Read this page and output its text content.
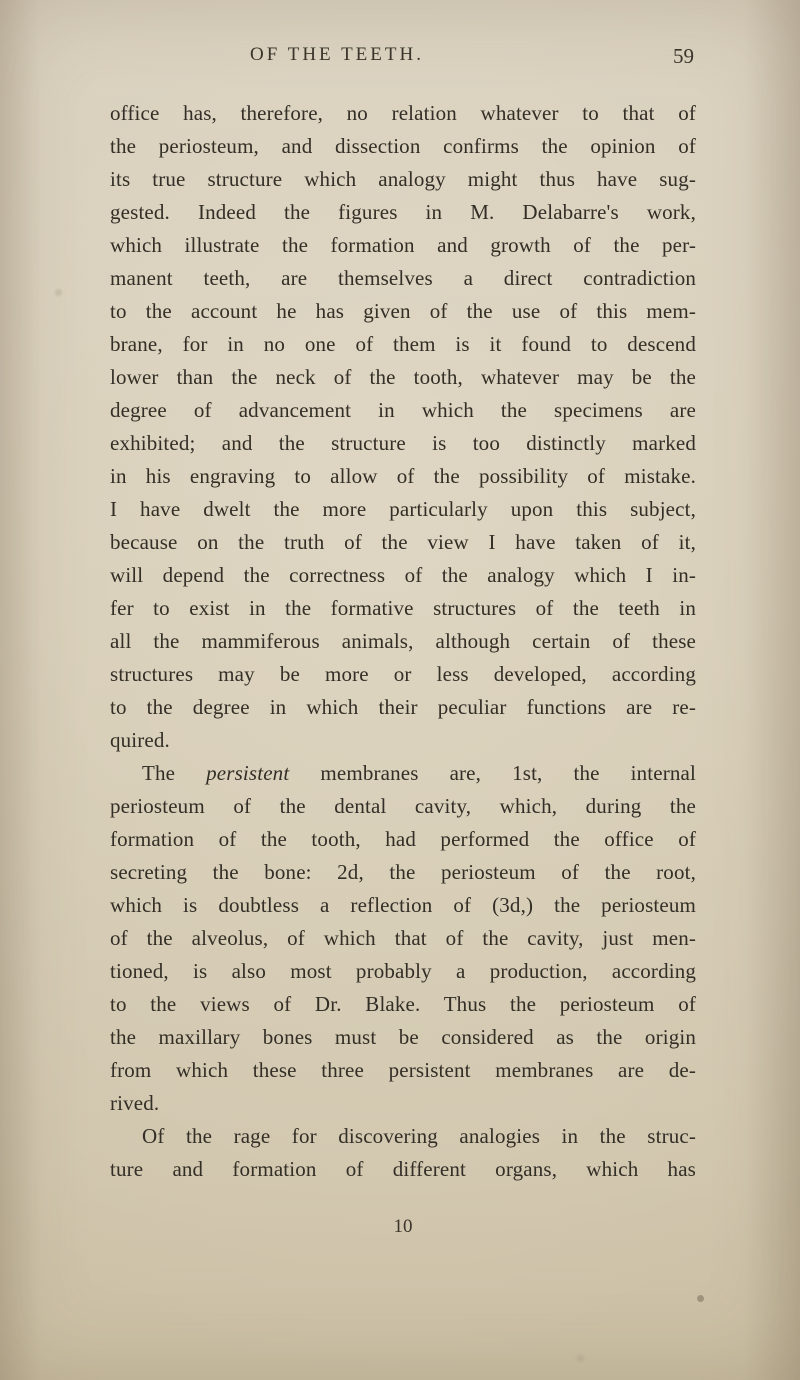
OF THE TEETH.	59
office has, therefore, no relation whatever to that of
the periosteum, and dissection confirms the opinion of
its true structure which analogy might thus have sug-
gested. Indeed the figures in M. Delabarre's work,
which illustrate the formation and growth of the per-
manent teeth, are themselves a direct contradiction
to the account he has given of the use of this mem-
brane, for in no one of them is it found to descend
lower than the neck of the tooth, whatever may be the
degree of advancement in which the specimens are
exhibited; and the structure is too distinctly marked
in his engraving to allow of the possibility of mistake.
I have dwelt the more particularly upon this subject,
because on the truth of the view I have taken of it,
will depend the correctness of the analogy which I in-
fer to exist in the formative structures of the teeth in
all the mammiferous animals, although certain of these
structures may be more or less developed, according
to the degree in which their peculiar functions are re-
quired.
The persistent membranes are, 1st, the internal
periosteum of the dental cavity, which, during the
formation of the tooth, had performed the office of
secreting the bone: 2d, the periosteum of the root,
which is doubtless a reflection of (3d,) the periosteum
of the alveolus, of which that of the cavity, just men-
tioned, is also most probably a production, according
to the views of Dr. Blake. Thus the periosteum of
the maxillary bones must be considered as the origin
from which these three persistent membranes are de-
rived.
Of the rage for discovering analogies in the struc-
ture and formation of different organs, which has
10
